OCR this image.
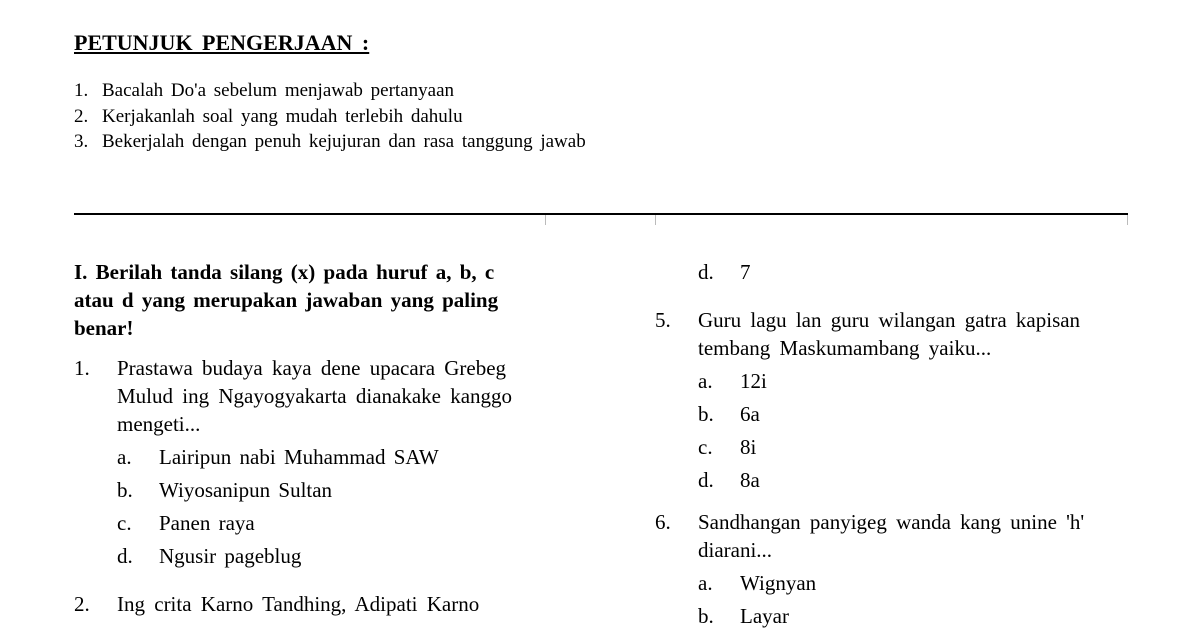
PETUNJUK PENGERJAAN :
1. Bacalah Do'a sebelum menjawab pertanyaan
2. Kerjakanlah soal yang mudah terlebih dahulu
3. Bekerjalah dengan penuh kejujuran dan rasa tanggung jawab
I. Berilah tanda silang (x) pada huruf a, b, c atau d yang merupakan jawaban yang paling benar!
1.	Prastawa budaya kaya dene upacara Grebeg Mulud ing Ngayogyakarta dianakake kanggo mengeti...
a.	Lairipun nabi Muhammad SAW
b.	Wiyosanipun Sultan
c.	Panen raya
d.	Ngusir pageblug
2.	Ing crita Karno Tandhing, Adipati Karno
d.	7
5.	Guru lagu lan guru wilangan gatra kapisan tembang Maskumambang yaiku...
a.	12i
b.	6a
c.	8i
d.	8a
6.	Sandhangan panyigeg wanda kang unine 'h' diarani...
a.	Wignyan
b.	Layar
